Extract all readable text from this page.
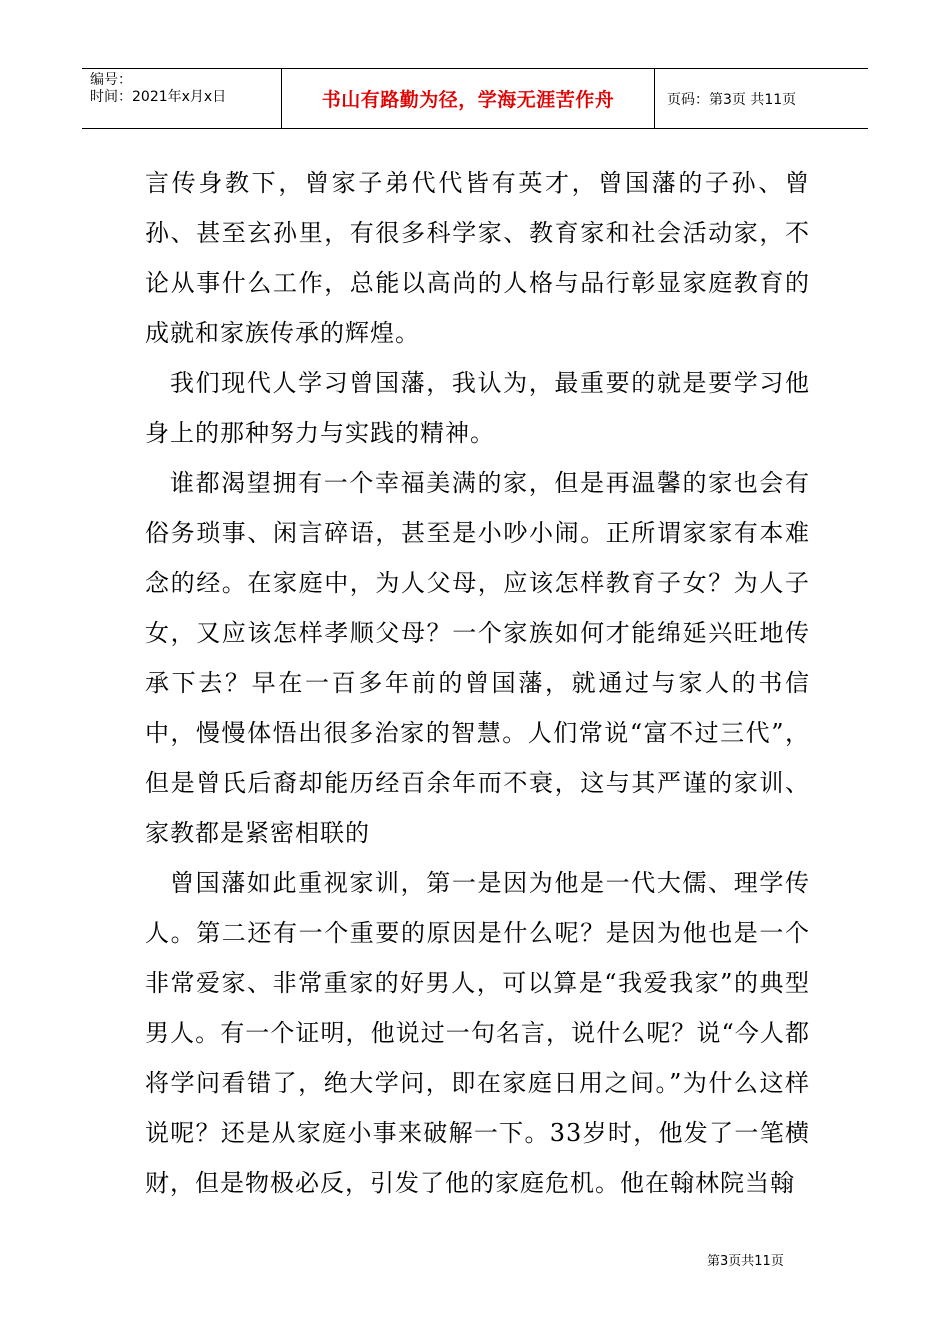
编号：
时间：2021年x月x日	书山有路勤为径，学海无涯苦作舟	页码：第3页 共11页

言传身教下，曾家子弟代代皆有英才，曾国藩的子孙、曾孙、甚至玄孙里，有很多科学家、教育家和社会活动家，不论从事什么工作，总能以高尚的人格与品行彰显家庭教育的成就和家族传承的辉煌。

我们现代人学习曾国藩，我认为，最重要的就是要学习他身上的那种努力与实践的精神。

谁都渴望拥有一个幸福美满的家，但是再温馨的家也会有俗务琐事、闲言碎语，甚至是小吵小闹。正所谓家家有本难念的经。在家庭中，为人父母，应该怎样教育子女？为人子女，又应该怎样孝顺父母？一个家族如何才能绵延兴旺地传承下去？早在一百多年前的曾国藩，就通过与家人的书信中，慢慢体悟出很多治家的智慧。人们常说“富不过三代”，但是曾氏后裔却能历经百余年而不衰，这与其严谨的家训、家教都是紧密相联的

曾国藩如此重视家训，第一是因为他是一代大儒、理学传人。第二还有一个重要的原因是什么呢？是因为他也是一个非常爱家、非常重家的好男人，可以算是“我爱我家”的典型男人。有一个证明，他说过一句名言，说什么呢？说“今人都将学问看错了，绝大学问，即在家庭日用之间。”为什么这样说呢？还是从家庭小事来破解一下。33岁时，他发了一笔横财，但是物极必反，引发了他的家庭危机。他在翰林院当翰

第3页共11页
